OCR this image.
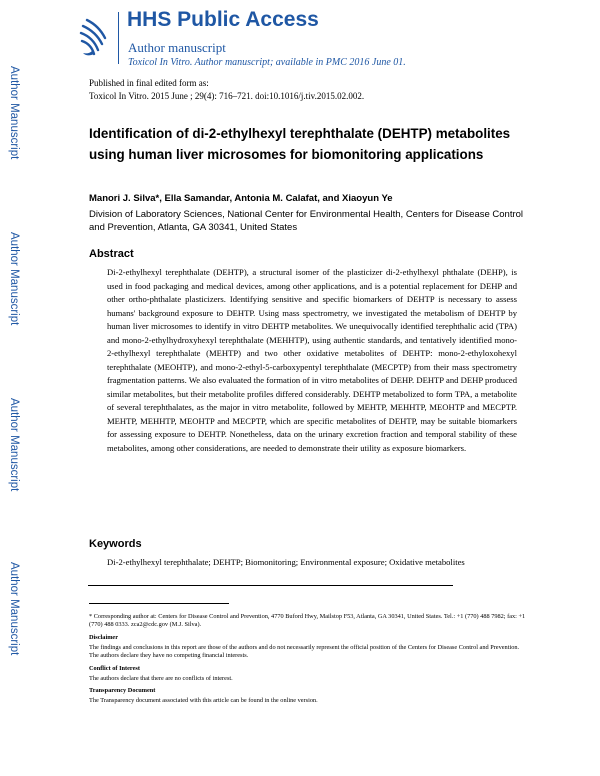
Author Manuscript
Author Manuscript
Author Manuscript
Author Manuscript
HHS Public Access
Author manuscript
Toxicol In Vitro. Author manuscript; available in PMC 2016 June 01.
Published in final edited form as:
Toxicol In Vitro. 2015 June ; 29(4): 716–721. doi:10.1016/j.tiv.2015.02.002.
Identification of di-2-ethylhexyl terephthalate (DEHTP) metabolites using human liver microsomes for biomonitoring applications
Manori J. Silva*, Ella Samandar, Antonia M. Calafat, and Xiaoyun Ye
Division of Laboratory Sciences, National Center for Environmental Health, Centers for Disease Control and Prevention, Atlanta, GA 30341, United States
Abstract
Di-2-ethylhexyl terephthalate (DEHTP), a structural isomer of the plasticizer di-2-ethylhexyl phthalate (DEHP), is used in food packaging and medical devices, among other applications, and is a potential replacement for DEHP and other ortho-phthalate plasticizers. Identifying sensitive and specific biomarkers of DEHTP is necessary to assess humans' background exposure to DEHTP. Using mass spectrometry, we investigated the metabolism of DEHTP by human liver microsomes to identify in vitro DEHTP metabolites. We unequivocally identified terephthalic acid (TPA) and mono-2-ethylhydroxyhexyl terephthalate (MEHHTP), using authentic standards, and tentatively identified mono-2-ethylhexyl terephthalate (MEHTP) and two other oxidative metabolites of DEHTP: mono-2-ethyloxohexyl terephthalate (MEOHTP), and mono-2-ethyl-5-carboxypentyl terephthalate (MECPTP) from their mass spectrometry fragmentation patterns. We also evaluated the formation of in vitro metabolites of DEHP. DEHTP and DEHP produced similar metabolites, but their metabolite profiles differed considerably. DEHTP metabolized to form TPA, a metabolite of several terephthalates, as the major in vitro metabolite, followed by MEHTP, MEHHTP, MEOHTP and MECPTP. MEHTP, MEHHTP, MEOHTP and MECPTP, which are specific metabolites of DEHTP, may be suitable biomarkers for assessing exposure to DEHTP. Nonetheless, data on the urinary excretion fraction and temporal stability of these metabolites, among other considerations, are needed to demonstrate their utility as exposure biomarkers.
Keywords
Di-2-ethylhexyl terephthalate; DEHTP; Biomonitoring; Environmental exposure; Oxidative metabolites
* Corresponding author at: Centers for Disease Control and Prevention, 4770 Buford Hwy, Mailstop F53, Atlanta, GA 30341, United States. Tel.: +1 (770) 488 7982; fax: +1 (770) 488 0333. zca2@cdc.gov (M.J. Silva).
Disclaimer
The findings and conclusions in this report are those of the authors and do not necessarily represent the official position of the Centers for Disease Control and Prevention. The authors declare they have no competing financial interests.
Conflict of Interest
The authors declare that there are no conflicts of interest.
Transparency Document
The Transparency document associated with this article can be found in the online version.
